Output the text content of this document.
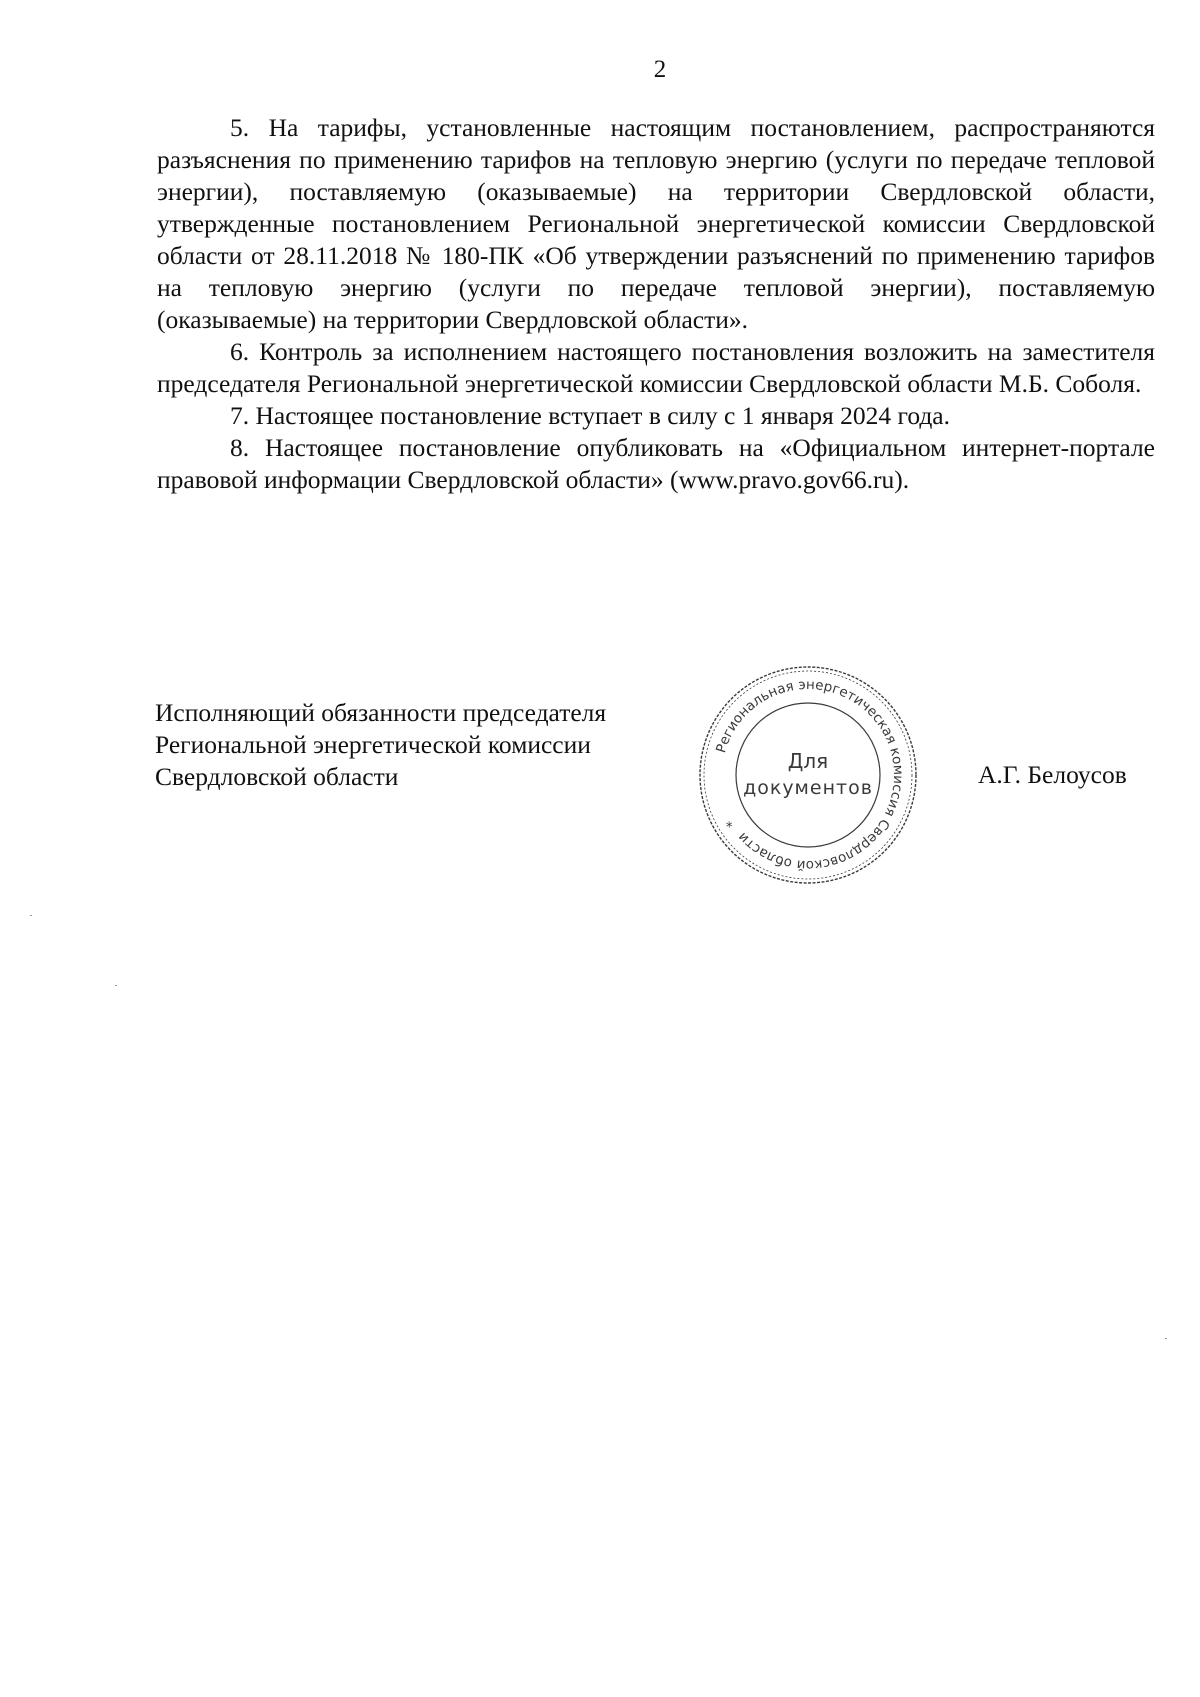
2

5. На тарифы, установленные настоящим постановлением, распространяются разъяснения по применению тарифов на тепловую энергию (услуги по передаче тепловой энергии), поставляемую (оказываемые) на территории Свердловской области, утвержденные постановлением Региональной энергетической комиссии Свердловской области от 28.11.2018 № 180-ПК «Об утверждении разъяснений по применению тарифов на тепловую энергию (услуги по передаче тепловой энергии), поставляемую (оказываемые) на территории Свердловской области».

6. Контроль за исполнением настоящего постановления возложить на заместителя председателя Региональной энергетической комиссии Свердловской области М.Б. Соболя.

7. Настоящее постановление вступает в силу с 1 января 2024 года.

8. Настоящее постановление опубликовать на «Официальном интернет-портале правовой информации Свердловской области» (www.pravo.gov66.ru).

Исполняющий обязанности председателя
Региональной энергетической комиссии
Свердловской области
Региональная энергетическая комиссия Свердловской области *
Для
документов	А.Г. Белоусов
